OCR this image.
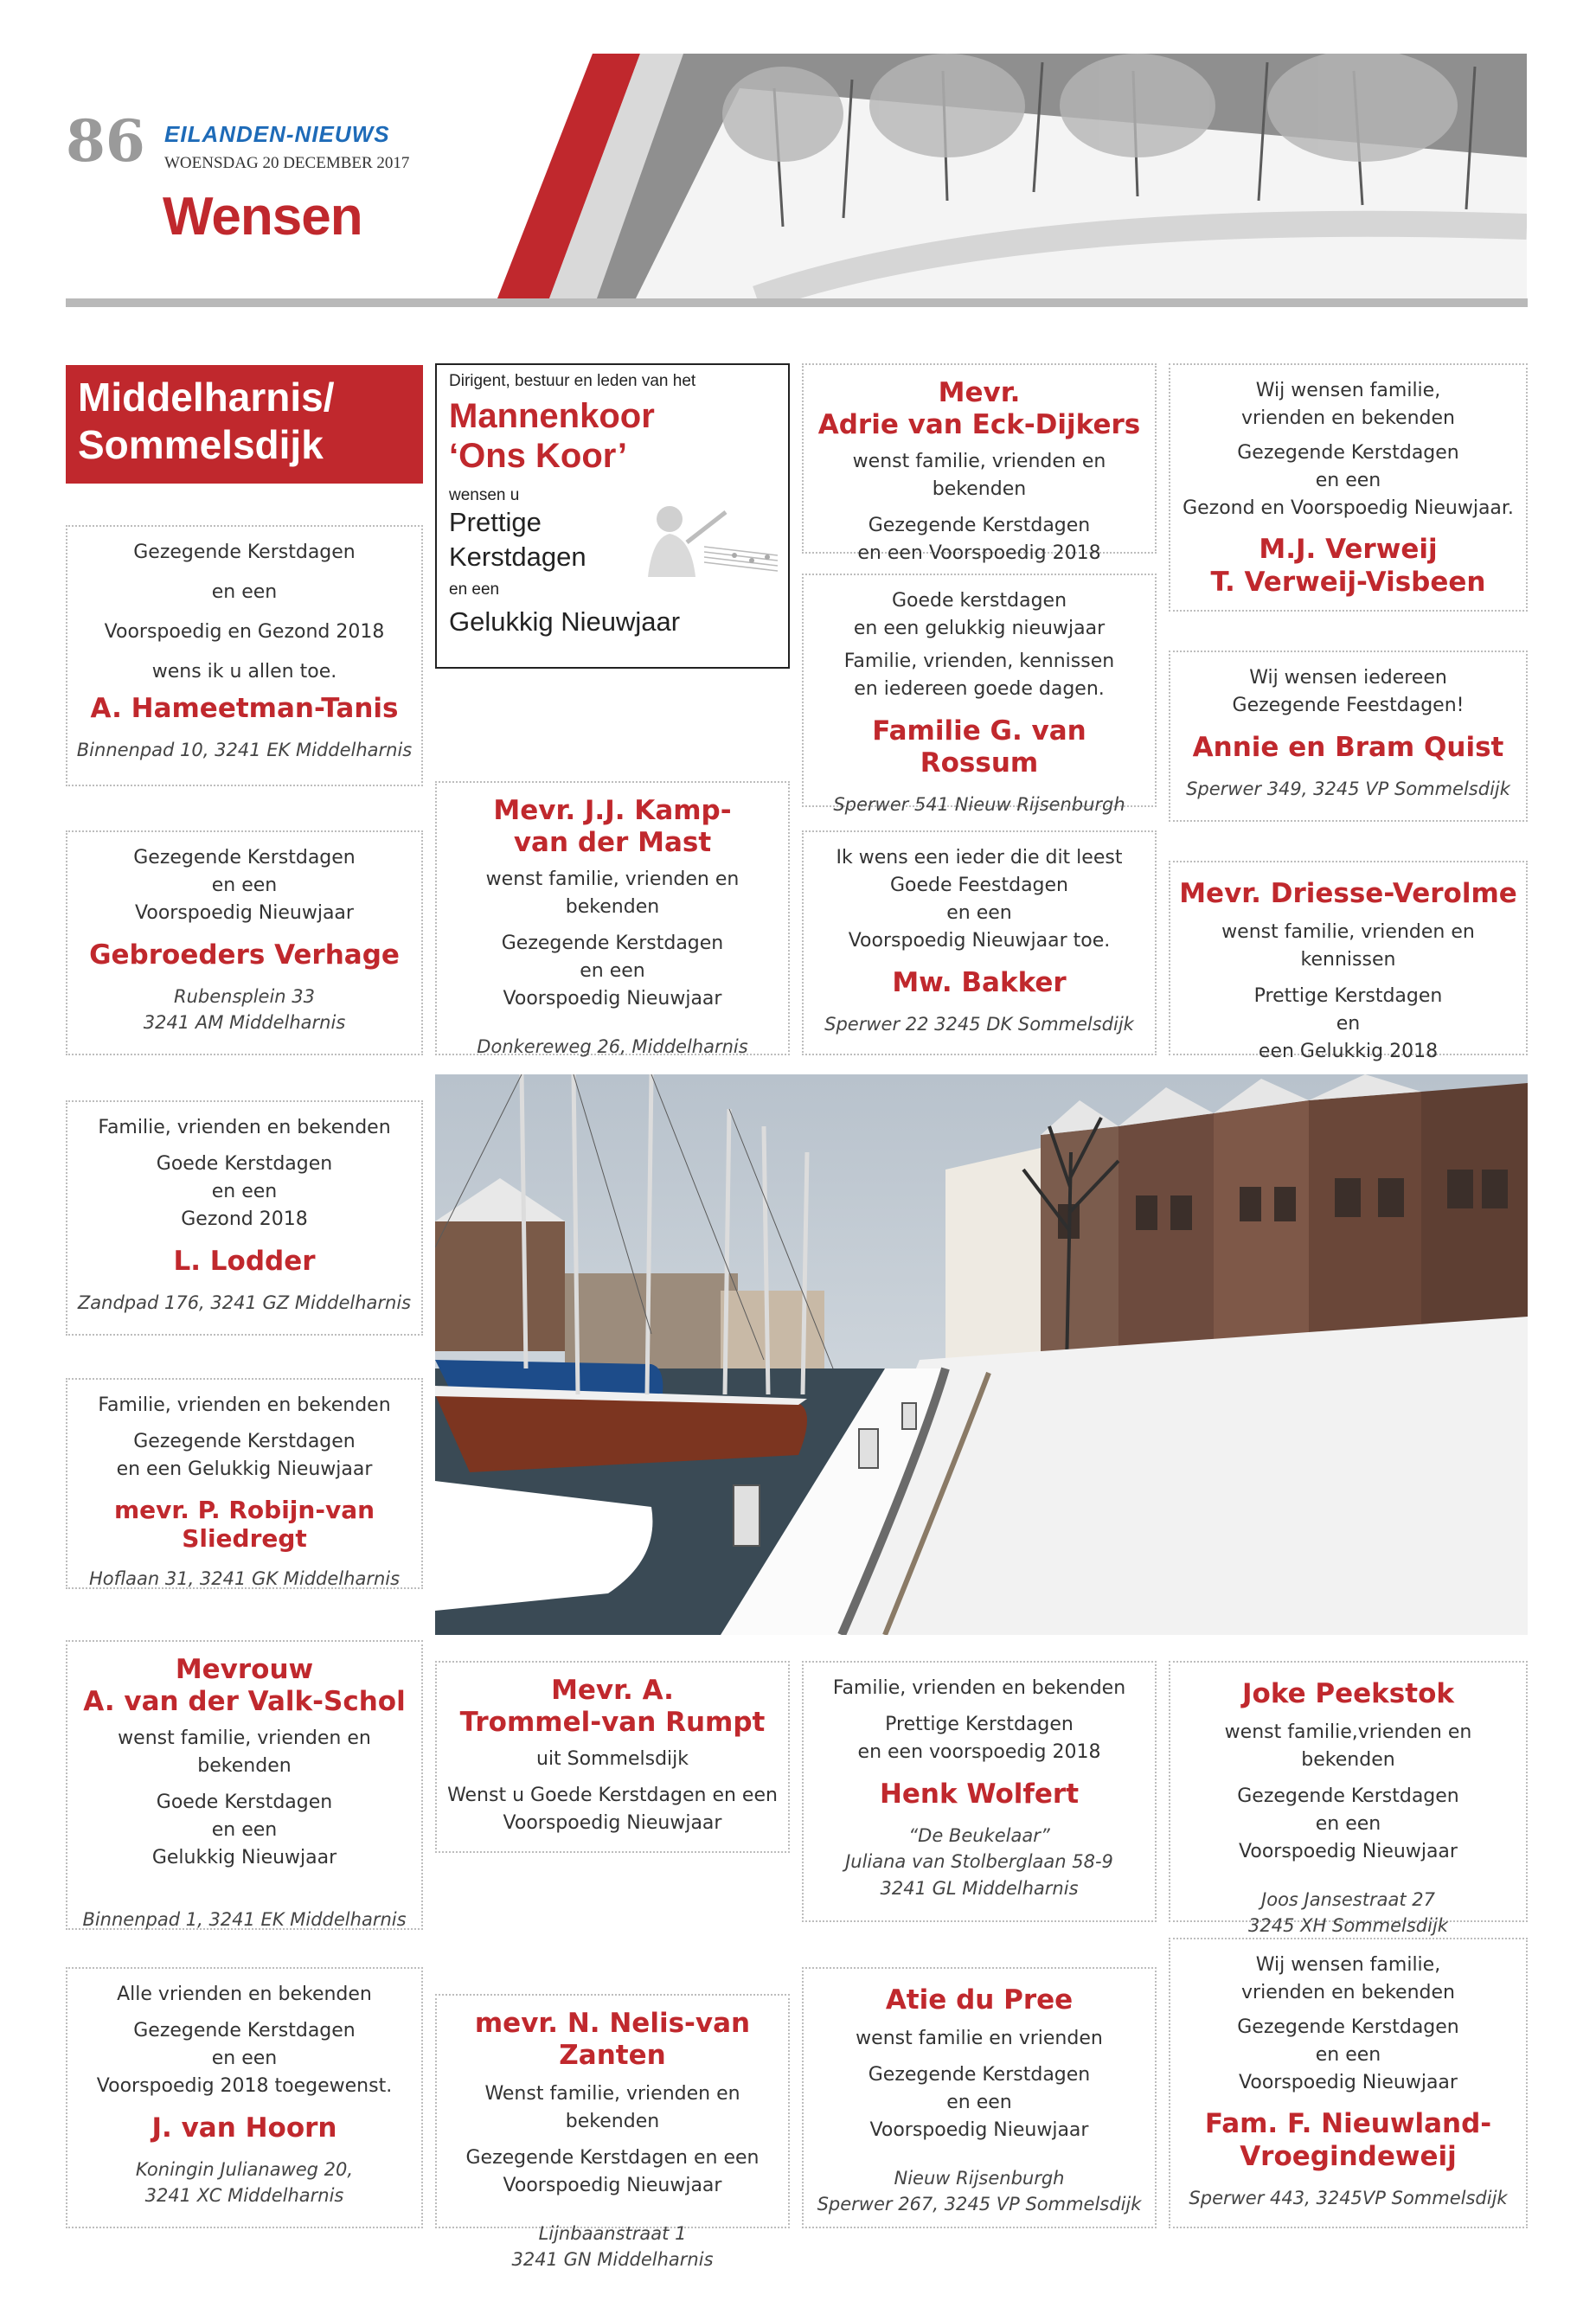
86 EILANDEN-NIEUWS
WOENSDAG 20 DECEMBER 2017
Wensen
Middelharnis/
Sommelsdijk
Dirigent, bestuur en leden van het
Mannenkoor
‘Ons Koor’
wensen u
Prettige
Kerstdagen
en een
Gelukkig Nieuwjaar
Gezegende Kerstdagen
en een
Voorspoedig en Gezond 2018
wens ik u allen toe.
A. Hameetman-Tanis
Binnenpad 10, 3241 EK Middelharnis
Gezegende Kerstdagen
en een
Voorspoedig Nieuwjaar
Gebroeders Verhage
Rubensplein 33
3241 AM Middelharnis
Familie, vrienden en bekenden
Goede Kerstdagen
en een
Gezond 2018
L. Lodder
Zandpad 176, 3241 GZ Middelharnis
Familie, vrienden en bekenden
Gezegende Kerstdagen
en een Gelukkig Nieuwjaar
mevr. P. Robijn-van Sliedregt
Hoflaan 31, 3241 GK Middelharnis
Mevrouw
A. van der Valk-Schol
wenst familie, vrienden en bekenden
Goede Kerstdagen
en een
Gelukkig Nieuwjaar
Binnenpad 1, 3241 EK Middelharnis
Alle vrienden en bekenden
Gezegende Kerstdagen
en een
Voorspoedig 2018 toegewenst.
J. van Hoorn
Koningin Julianaweg 20,
3241 XC Middelharnis
Mevr. J.J. Kamp-
van der Mast
wenst familie, vrienden en bekenden
Gezegende Kerstdagen
en een
Voorspoedig Nieuwjaar
Donkereweg 26, Middelharnis
Mevr. A.
Trommel-van Rumpt
uit Sommelsdijk
Wenst u Goede Kerstdagen en een
Voorspoedig Nieuwjaar
mevr. N. Nelis-van Zanten
Wenst familie, vrienden en bekenden
Gezegende Kerstdagen en een
Voorspoedig Nieuwjaar
Lijnbaanstraat 1
3241 GN Middelharnis
Mevr.
Adrie van Eck-Dijkers
wenst familie, vrienden en bekenden
Gezegende Kerstdagen
en een Voorspoedig 2018
Goede kerstdagen
en een gelukkig nieuwjaar
Familie, vrienden, kennissen
en iedereen goede dagen.
Familie G. van Rossum
Sperwer 541 Nieuw Rijsenburgh
Ik wens een ieder die dit leest
Goede Feestdagen
en een
Voorspoedig Nieuwjaar toe.
Mw. Bakker
Sperwer 22 3245 DK Sommelsdijk
Familie, vrienden en bekenden
Prettige Kerstdagen
en een voorspoedig 2018
Henk Wolfert
“De Beukelaar”
Juliana van Stolberglaan 58-9
3241 GL Middelharnis
Atie du Pree
wenst familie en vrienden
Gezegende Kerstdagen
en een
Voorspoedig Nieuwjaar
Nieuw Rijsenburgh
Sperwer 267, 3245 VP Sommelsdijk
Wij wensen familie,
vrienden en bekenden
Gezegende Kerstdagen
en een
Gezond en Voorspoedig Nieuwjaar.
M.J. Verweij
T. Verweij-Visbeen
Wij wensen iedereen
Gezegende Feestdagen!
Annie en Bram Quist
Sperwer 349, 3245 VP Sommelsdijk
Mevr. Driesse-Verolme
wenst familie, vrienden en kennissen
Prettige Kerstdagen
en
een Gelukkig 2018
Joke Peekstok
wenst familie,vrienden en bekenden
Gezegende Kerstdagen
en een
Voorspoedig Nieuwjaar
Joos Jansestraat 27
3245 XH Sommelsdijk
Wij wensen familie,
vrienden en bekenden
Gezegende Kerstdagen
en een
Voorspoedig Nieuwjaar
Fam. F. Nieuwland-
Vroegindeweij
Sperwer 443, 3245VP Sommelsdijk
